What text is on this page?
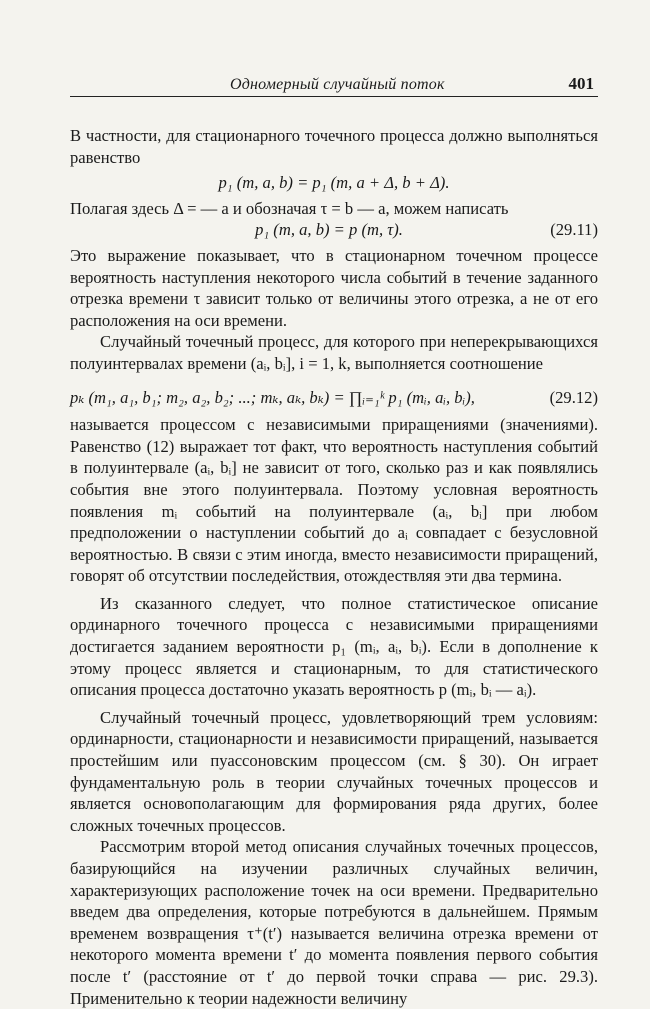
Одномерный случайный поток	401

В частности, для стационарного точечного процесса должно выполняться равенство

p₁ (m, a, b) = p₁ (m, a + Δ, b + Δ).

Полагая здесь Δ = — a и обозначая τ = b — a, можем написать

p₁ (m, a, b) = p (m, τ).	(29.11)

Это выражение показывает, что в стационарном точечном процессе вероятность наступления некоторого числа событий в течение заданного отрезка времени τ зависит только от величины этого отрезка, а не от его расположения на оси времени.

Случайный точечный процесс, для которого при неперекрывающихся полуинтервалах времени (aᵢ, bᵢ], i = 1, k, выполняется соотношение

pₖ (m₁, a₁, b₁; m₂, a₂, b₂; ...; mₖ, aₖ, bₖ) = ∏ᵢ₌₁ᵏ p₁ (mᵢ, aᵢ, bᵢ),	(29.12)

называется процессом с независимыми приращениями (значениями). Равенство (12) выражает тот факт, что вероятность наступления событий в полуинтервале (aᵢ, bᵢ] не зависит от того, сколько раз и как появлялись события вне этого полуинтервала. Поэтому условная вероятность появления mᵢ событий на полуинтервале (aᵢ, bᵢ] при любом предположении о наступлении событий до aᵢ совпадает с безусловной вероятностью. В связи с этим иногда, вместо независимости приращений, говорят об отсутствии последействия, отождествляя эти два термина.

Из сказанного следует, что полное статистическое описание ординарного точечного процесса с независимыми приращениями достигается заданием вероятности p₁ (mᵢ, aᵢ, bᵢ). Если в дополнение к этому процесс является и стационарным, то для статистического описания процесса достаточно указать вероятность p (mᵢ, bᵢ — aᵢ).

Случайный точечный процесс, удовлетворяющий трем условиям: ординарности, стационарности и независимости приращений, называется простейшим или пуассоновским процессом (см. § 30). Он играет фундаментальную роль в теории случайных точечных процессов и является основополагающим для формирования ряда других, более сложных точечных процессов.

Рассмотрим второй метод описания случайных точечных процессов, базирующийся на изучении различных случайных величин, характеризующих расположение точек на оси времени. Предварительно введем два определения, которые потребуются в дальнейшем. Прямым временем возвращения τ⁺(t′) называется величина отрезка времени от некоторого момента времени t′ до момента появления первого события после t′ (расстояние от t′ до первой точки справа — рис. 29.3). Применительно к теории надежности величину
